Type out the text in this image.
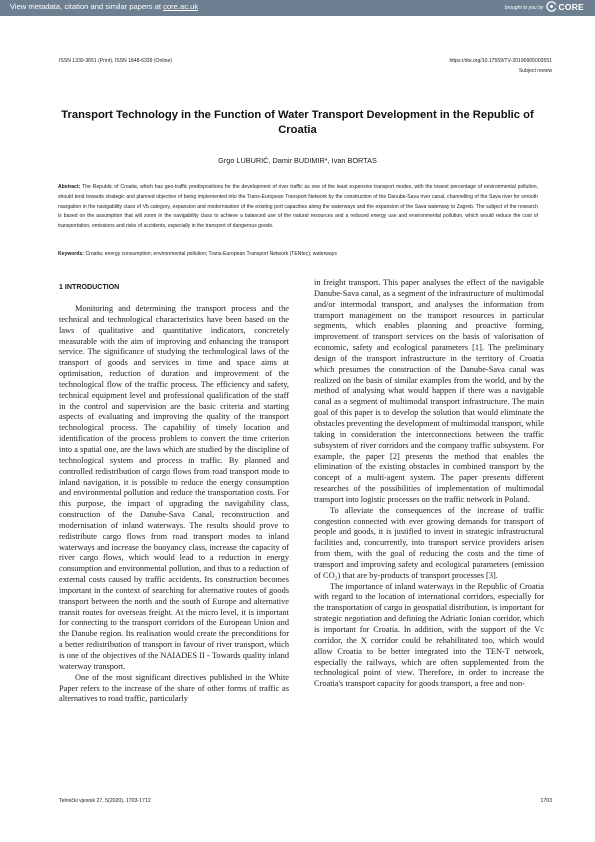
View metadata, citation and similar papers at core.ac.uk	brought to you by CORE
ISSN 1330-3651 (Print), ISSN 1848-6339 (Online)	https://doi.org/10.17559/TV-20190905003551
Subject review
Transport Technology in the Function of Water Transport Development in the Republic of Croatia
Grgo LUBURIĆ, Damir BUDIMIR*, Ivan BORTAS

Abstract: The Republic of Croatia, which has geo-traffic predispositions for the development of river traffic as one of the least expensive transport modes, with the lowest percentage of environmental pollution, should tend towards strategic and planned objective of being implemented into the Trans-European Transport Network by the construction of the Danube-Sava river canal, channelling of the Sava river for smooth navigation in the navigability class of Vb category, expansion and modernisation of the existing port capacities along the waterways and the expansion of the Sava waterway to Zagreb. The subject of the research is based on the assumption that will zoom in the navigability class to achieve a balanced use of the natural resources and a reduced energy use and environmental pollution, which would reduce the cost of transportation, emissions and risks of accidents, especially in the transport of dangerous goods.

Keywords: Croatia; energy consumption; environmental pollution; Trans-European Transport Network (TENtec); waterways

1 INTRODUCTION

Monitoring and determining the transport process and the technical and technological characteristics have been based on the laws of qualitative and quantitative indicators, concretely measurable with the aim of improving and enhancing the transport service. The significance of studying the technological laws of the transport of goods and services in time and space aims at optimisation, reduction of duration and improvement of the technological flow of the traffic process. The efficiency and safety, technical equipment level and professional qualification of the staff in the control and supervision are the basic criteria and starting aspects of evaluating and improving the quality of the transport technological process. The capability of timely location and identification of the process problem to convert the time criterion into a spatial one, are the laws which are studied by the discipline of technological system and process in traffic. By planned and controlled redistribution of cargo flows from road transport mode to inland navigation, it is possible to reduce the energy consumption and environmental pollution and reduce the transportation costs. For this purpose, the impact of upgrading the navigability class, construction of the Danube-Sava Canal, reconstruction and modernisation of inland waterways. The results should prove to redistribute cargo flows from road transport modes to inland waterways and increase the buoyancy class, increase the capacity of river cargo flows, which would lead to a reduction in energy consumption and environmental pollution, and thus to a reduction of external costs caused by traffic accidents. Its construction becomes important in the context of searching for alternative routes of goods transport between the north and the south of Europe and alternative transit routes for overseas freight. At the micro level, it is important for connecting to the transport corridors of the European Union and the Danube region. Its realisation would create the preconditions for a better redistribution of transport in favour of river transport, which is one of the objectives of the NAIADES II - Towards quality inland waterway transport.

One of the most significant directives published in the White Paper refers to the increase of the share of other forms of traffic as alternatives to road traffic, particularly

in freight transport. This paper analyses the effect of the navigable Danube-Sava canal, as a segment of the infrastructure of multimodal and/or intermodal transport, and analyses the information from transport management on the transport resources in particular segments, which enables planning and proactive forming, improvement of transport services on the basis of valorisation of economic, safety and ecological parameters [1]. The preliminary design of the transport infrastructure in the territory of Croatia which presumes the construction of the Danube-Sava canal was realized on the basis of similar examples from the world, and by the method of analysing what would happen if there was a navigable canal as a segment of multimodal transport infrastructure. The main goal of this paper is to develop the solution that would eliminate the obstacles preventing the development of multimodal transport, while taking in consideration the interconnections between the traffic subsystem of river corridors and the company traffic subsystem. For example, the paper [2] presents the method that enables the elimination of the existing obstacles in combined transport by the concept of a multi-agent system. The paper presents different researches of the possibilities of implementation of multimodal transport into logistic processes on the traffic network in Poland.

To alleviate the consequences of the increase of traffic congestion connected with ever growing demands for transport of people and goods, it is justified to invest in strategic infrastructural facilities and, concurrently, into transport service providers arisen from them, with the goal of reducing the costs and the time of transport and improving safety and ecological parameters (emission of CO₂) that are by-products of transport processes [3].

The importance of inland waterways in the Republic of Croatia with regard to the location of international corridors, especially for the transportation of cargo in geospatial distribution, is important for strategic negotiation and defining the Adriatic Ionian corridor, which is important for Croatia. In addition, with the support of the Vc corridor, the X corridor could be rehabilitated too, which would allow Croatia to be better integrated into the TEN-T network, especially the railways, which are often supplemented from the technological point of view. Therefore, in order to increase the Croatia's transport capacity for goods transport, a free and non-

Tehnički vjesnik 27, 5(2020), 1703-1712	1703
